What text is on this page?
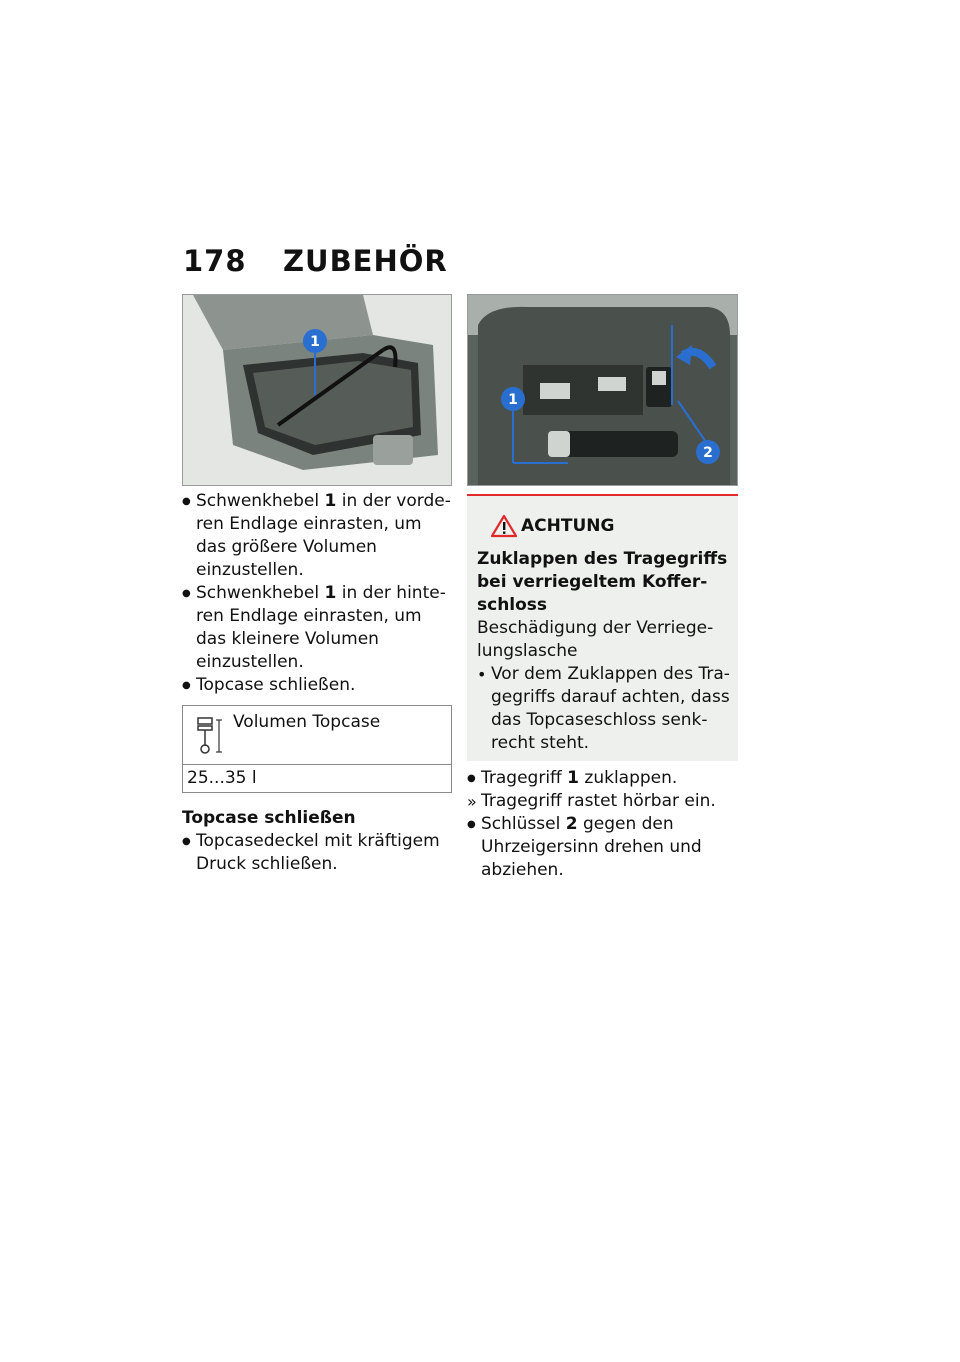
178 ZUBEHÖR
1
● Schwenkhebel 1 in der vorderen Endlage einrasten, um das größere Volumen einzustellen.
● Schwenkhebel 1 in der hinteren Endlage einrasten, um das kleinere Volumen einzustellen.
● Topcase schließen.
Volumen Topcase
25...35 l
Topcase schließen
● Topcasedeckel mit kräftigem Druck schließen.
1
2
ACHTUNG
Zuklappen des Tragegriffs bei verriegeltem Kofferschloss
Beschädigung der Verriegelungslasche
• Vor dem Zuklappen des Tragegriffs darauf achten, dass das Topcaseschloss senkrecht steht.
● Tragegriff 1 zuklappen.
» Tragegriff rastet hörbar ein.
● Schlüssel 2 gegen den Uhrzeigersinn drehen und abziehen.
